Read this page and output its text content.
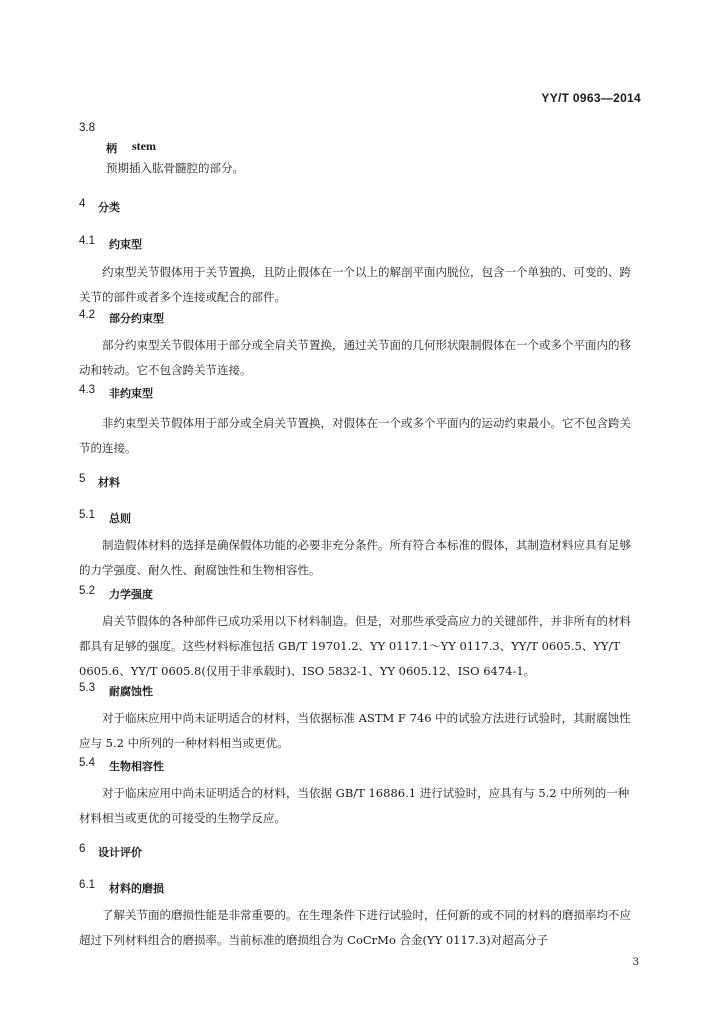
YY/T 0963—2014
3.8
柄 stem
预期插入肱骨髓腔的部分。
4 分类
4.1 约束型

约束型关节假体用于关节置换，且防止假体在一个以上的解剖平面内脱位，包含一个单独的、可变的、跨关节的部件或者多个连接或配合的部件。

4.2 部分约束型

部分约束型关节假体用于部分或全肩关节置换，通过关节面的几何形状限制假体在一个或多个平面内的移动和转动。它不包含跨关节连接。

4.3 非约束型

非约束型关节假体用于部分或全肩关节置换，对假体在一个或多个平面内的运动约束最小。它不包含跨关节的连接。

5 材料
5.1 总则

制造假体材料的选择是确保假体功能的必要非充分条件。所有符合本标准的假体，其制造材料应具有足够的力学强度、耐久性、耐腐蚀性和生物相容性。

5.2 力学强度

肩关节假体的各种部件已成功采用以下材料制造。但是，对那些承受高应力的关键部件，并非所有的材料都具有足够的强度。这些材料标准包括 GB/T 19701.2、YY 0117.1～YY 0117.3、YY/T 0605.5、YY/T 0605.6、YY/T 0605.8(仅用于非承载时)、ISO 5832-1、YY 0605.12、ISO 6474-1。

5.3 耐腐蚀性

对于临床应用中尚未证明适合的材料，当依据标准 ASTM F 746 中的试验方法进行试验时，其耐腐蚀性应与 5.2 中所列的一种材料相当或更优。

5.4 生物相容性

对于临床应用中尚未证明适合的材料，当依据 GB/T 16886.1 进行试验时，应具有与 5.2 中所列的一种材料相当或更优的可接受的生物学反应。

6 设计评价
6.1 材料的磨损

了解关节面的磨损性能是非常重要的。在生理条件下进行试验时，任何新的或不同的材料的磨损率均不应超过下列材料组合的磨损率。当前标准的磨损组合为 CoCrMo 合金(YY 0117.3)对超高分子

3
